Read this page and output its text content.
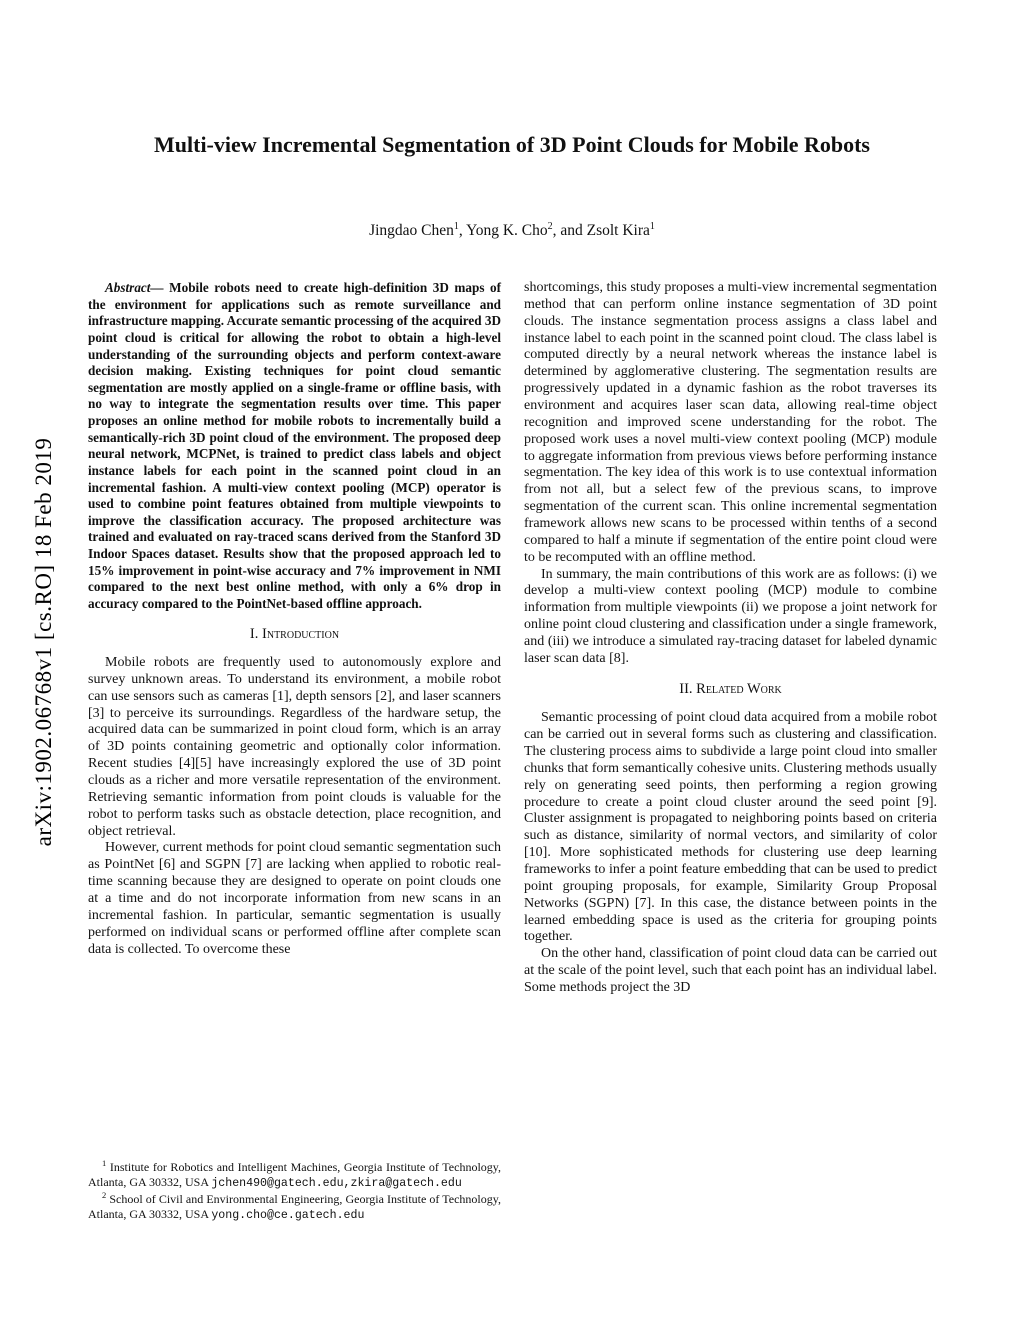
arXiv:1902.06768v1 [cs.RO] 18 Feb 2019
Multi-view Incremental Segmentation of 3D Point Clouds for Mobile Robots
Jingdao Chen$^1$, Yong K. Cho$^2$, and Zsolt Kira$^1$

Abstract— Mobile robots need to create high-definition 3D maps of the environment for applications such as remote surveillance and infrastructure mapping. Accurate semantic processing of the acquired 3D point cloud is critical for allowing the robot to obtain a high-level understanding of the surrounding objects and perform context-aware decision making. Existing techniques for point cloud semantic segmentation are mostly applied on a single-frame or offline basis, with no way to integrate the segmentation results over time. This paper proposes an online method for mobile robots to incrementally build a semantically-rich 3D point cloud of the environment. The proposed deep neural network, MCPNet, is trained to predict class labels and object instance labels for each point in the scanned point cloud in an incremental fashion. A multi-view context pooling (MCP) operator is used to combine point features obtained from multiple viewpoints to improve the classification accuracy. The proposed architecture was trained and evaluated on ray-traced scans derived from the Stanford 3D Indoor Spaces dataset. Results show that the proposed approach led to 15% improvement in point-wise accuracy and 7% improvement in NMI compared to the next best online method, with only a 6% drop in accuracy compared to the PointNet-based offline approach.

I. Introduction

Mobile robots are frequently used to autonomously explore and survey unknown areas. To understand its environment, a mobile robot can use sensors such as cameras [1], depth sensors [2], and laser scanners [3] to perceive its surroundings. Regardless of the hardware setup, the acquired data can be summarized in point cloud form, which is an array of 3D points containing geometric and optionally color information. Recent studies [4][5] have increasingly explored the use of 3D point clouds as a richer and more versatile representation of the environment. Retrieving semantic information from point clouds is valuable for the robot to perform tasks such as obstacle detection, place recognition, and object retrieval.

However, current methods for point cloud semantic segmentation such as PointNet [6] and SGPN [7] are lacking when applied to robotic real-time scanning because they are designed to operate on point clouds one at a time and do not incorporate information from new scans in an incremental fashion. In particular, semantic segmentation is usually performed on individual scans or performed offline after complete scan data is collected. To overcome these

$^1$ Institute for Robotics and Intelligent Machines, Georgia Institute of Technology, Atlanta, GA 30332, USA jchen490@gatech.edu,zkira@gatech.edu

$^2$ School of Civil and Environmental Engineering, Georgia Institute of Technology, Atlanta, GA 30332, USA yong.cho@ce.gatech.edu

shortcomings, this study proposes a multi-view incremental segmentation method that can perform online instance segmentation of 3D point clouds. The instance segmentation process assigns a class label and instance label to each point in the scanned point cloud. The class label is computed directly by a neural network whereas the instance label is determined by agglomerative clustering. The segmentation results are progressively updated in a dynamic fashion as the robot traverses its environment and acquires laser scan data, allowing real-time object recognition and improved scene understanding for the robot. The proposed work uses a novel multi-view context pooling (MCP) module to aggregate information from previous views before performing instance segmentation. The key idea of this work is to use contextual information from not all, but a select few of the previous scans, to improve segmentation of the current scan. This online incremental segmentation framework allows new scans to be processed within tenths of a second compared to half a minute if segmentation of the entire point cloud were to be recomputed with an offline method.

In summary, the main contributions of this work are as follows: (i) we develop a multi-view context pooling (MCP) module to combine information from multiple viewpoints (ii) we propose a joint network for online point cloud clustering and classification under a single framework, and (iii) we introduce a simulated ray-tracing dataset for labeled dynamic laser scan data [8].

II. Related Work

Semantic processing of point cloud data acquired from a mobile robot can be carried out in several forms such as clustering and classification. The clustering process aims to subdivide a large point cloud into smaller chunks that form semantically cohesive units. Clustering methods usually rely on generating seed points, then performing a region growing procedure to create a point cloud cluster around the seed point [9]. Cluster assignment is propagated to neighboring points based on criteria such as distance, similarity of normal vectors, and similarity of color [10]. More sophisticated methods for clustering use deep learning frameworks to infer a point feature embedding that can be used to predict point grouping proposals, for example, Similarity Group Proposal Networks (SGPN) [7]. In this case, the distance between points in the learned embedding space is used as the criteria for grouping points together.

On the other hand, classification of point cloud data can be carried out at the scale of the point level, such that each point has an individual label. Some methods project the 3D
